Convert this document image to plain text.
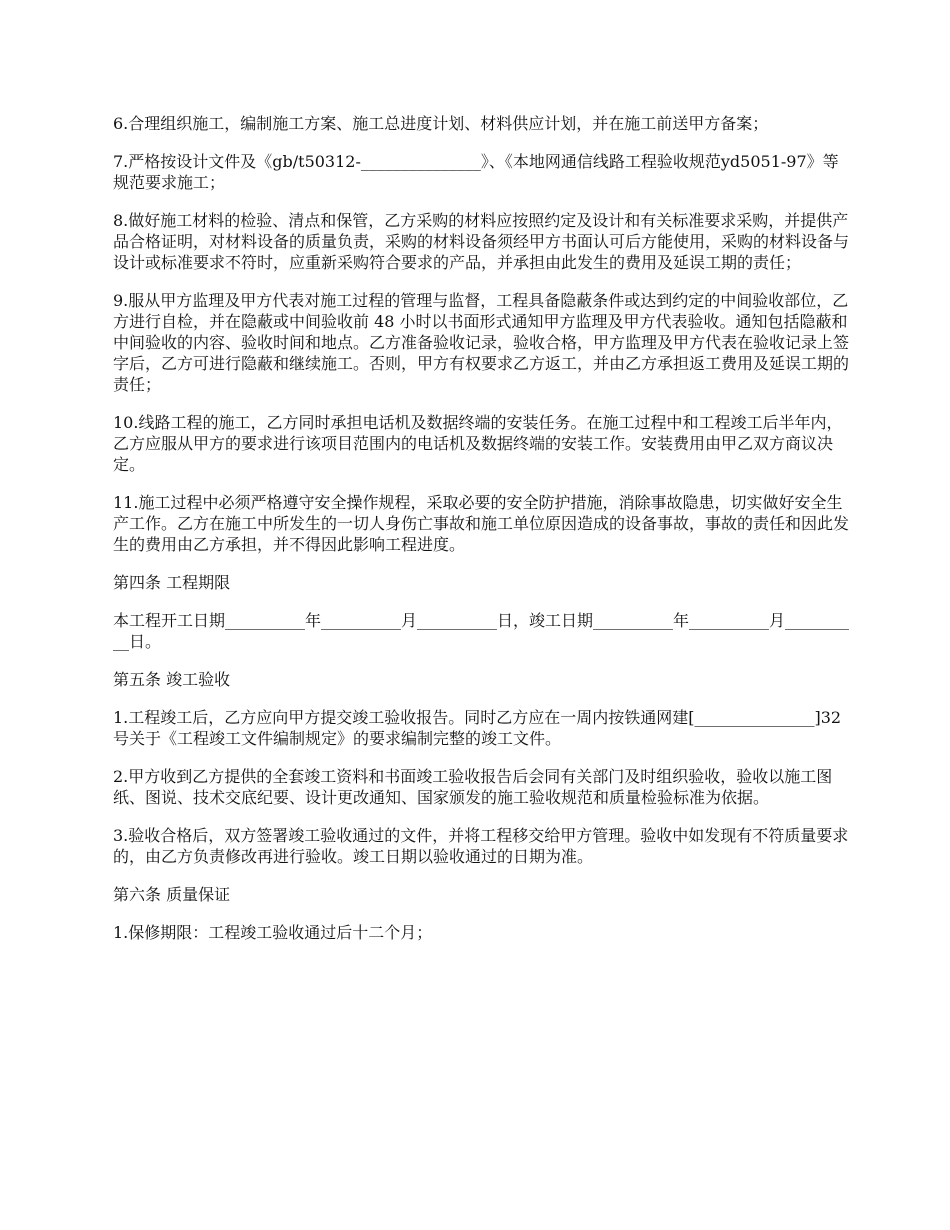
6.合理组织施工，编制施工方案、施工总进度计划、材料供应计划，并在施工前送甲方备案；

7.严格按设计文件及《gb/t50312-_______________》、《本地网通信线路工程验收规范yd5051-97》等规范要求施工；

8.做好施工材料的检验、清点和保管，乙方采购的材料应按照约定及设计和有关标准要求采购，并提供产品合格证明，对材料设备的质量负责，采购的材料设备须经甲方书面认可后方能使用，采购的材料设备与设计或标准要求不符时，应重新采购符合要求的产品，并承担由此发生的费用及延误工期的责任；

9.服从甲方监理及甲方代表对施工过程的管理与监督，工程具备隐蔽条件或达到约定的中间验收部位，乙方进行自检，并在隐蔽或中间验收前 48 小时以书面形式通知甲方监理及甲方代表验收。通知包括隐蔽和中间验收的内容、验收时间和地点。乙方准备验收记录，验收合格，甲方监理及甲方代表在验收记录上签字后，乙方可进行隐蔽和继续施工。否则，甲方有权要求乙方返工，并由乙方承担返工费用及延误工期的责任；

10.线路工程的施工，乙方同时承担电话机及数据终端的安装任务。在施工过程中和工程竣工后半年内，乙方应服从甲方的要求进行该项目范围内的电话机及数据终端的安装工作。安装费用由甲乙双方商议决定。

11.施工过程中必须严格遵守安全操作规程，采取必要的安全防护措施，消除事故隐患，切实做好安全生产工作。乙方在施工中所发生的一切人身伤亡事故和施工单位原因造成的设备事故，事故的责任和因此发生的费用由乙方承担，并不得因此影响工程进度。

第四条 工程期限

本工程开工日期__________年__________月__________日，竣工日期__________年__________月__________日。

第五条 竣工验收

1.工程竣工后，乙方应向甲方提交竣工验收报告。同时乙方应在一周内按铁通网建[_______________]32 号关于《工程竣工文件编制规定》的要求编制完整的竣工文件。

2.甲方收到乙方提供的全套竣工资料和书面竣工验收报告后会同有关部门及时组织验收，验收以施工图纸、图说、技术交底纪要、设计更改通知、国家颁发的施工验收规范和质量检验标准为依据。

3.验收合格后，双方签署竣工验收通过的文件，并将工程移交给甲方管理。验收中如发现有不符质量要求的，由乙方负责修改再进行验收。竣工日期以验收通过的日期为准。

第六条 质量保证

1.保修期限：工程竣工验收通过后十二个月；
